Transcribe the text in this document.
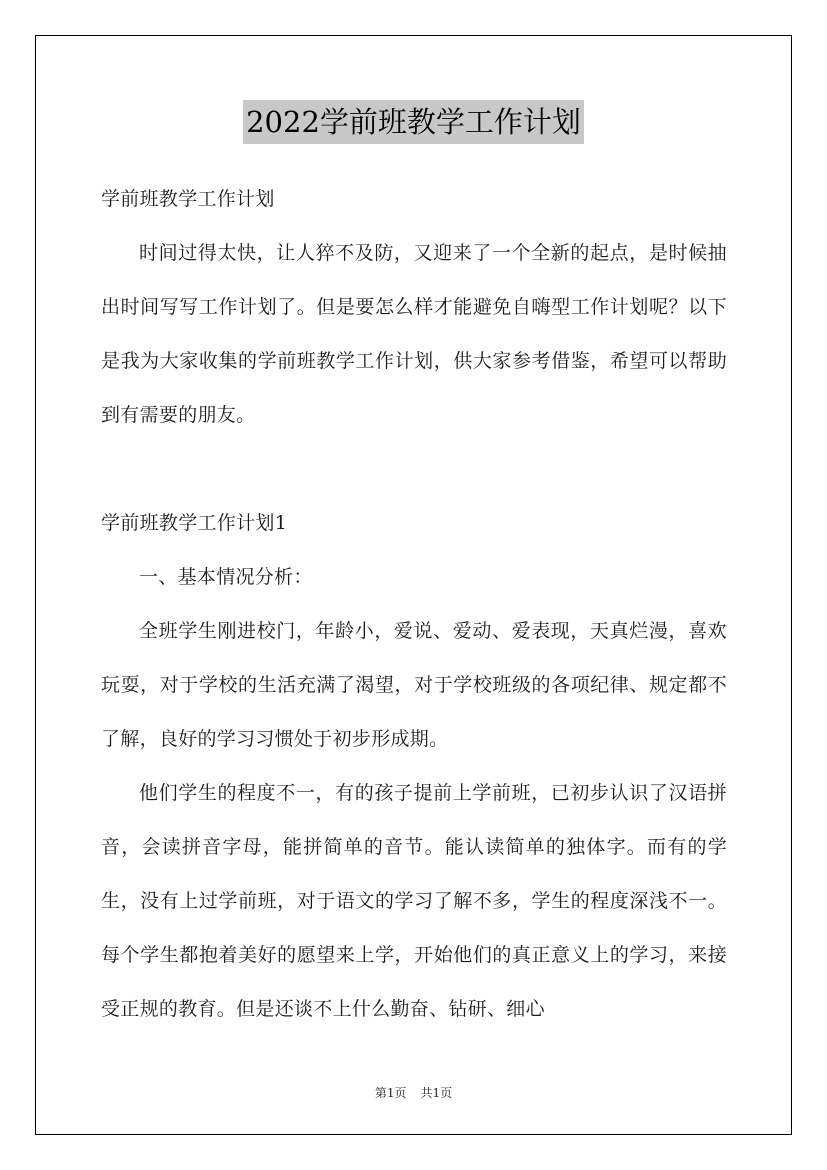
2022学前班教学工作计划

学前班教学工作计划

时间过得太快，让人猝不及防，又迎来了一个全新的起点，是时候抽出时间写写工作计划了。但是要怎么样才能避免自嗨型工作计划呢？以下是我为大家收集的学前班教学工作计划，供大家参考借鉴，希望可以帮助到有需要的朋友。

学前班教学工作计划1

一、基本情况分析：

全班学生刚进校门，年龄小，爱说、爱动、爱表现，天真烂漫，喜欢玩耍，对于学校的生活充满了渴望，对于学校班级的各项纪律、规定都不了解，良好的学习习惯处于初步形成期。

他们学生的程度不一，有的孩子提前上学前班，已初步认识了汉语拼音，会读拼音字母，能拼简单的音节。能认读简单的独体字。而有的学生，没有上过学前班，对于语文的学习了解不多，学生的程度深浅不一。每个学生都抱着美好的愿望来上学，开始他们的真正意义上的学习，来接受正规的教育。但是还谈不上什么勤奋、钻研、细心

第1页 共1页
